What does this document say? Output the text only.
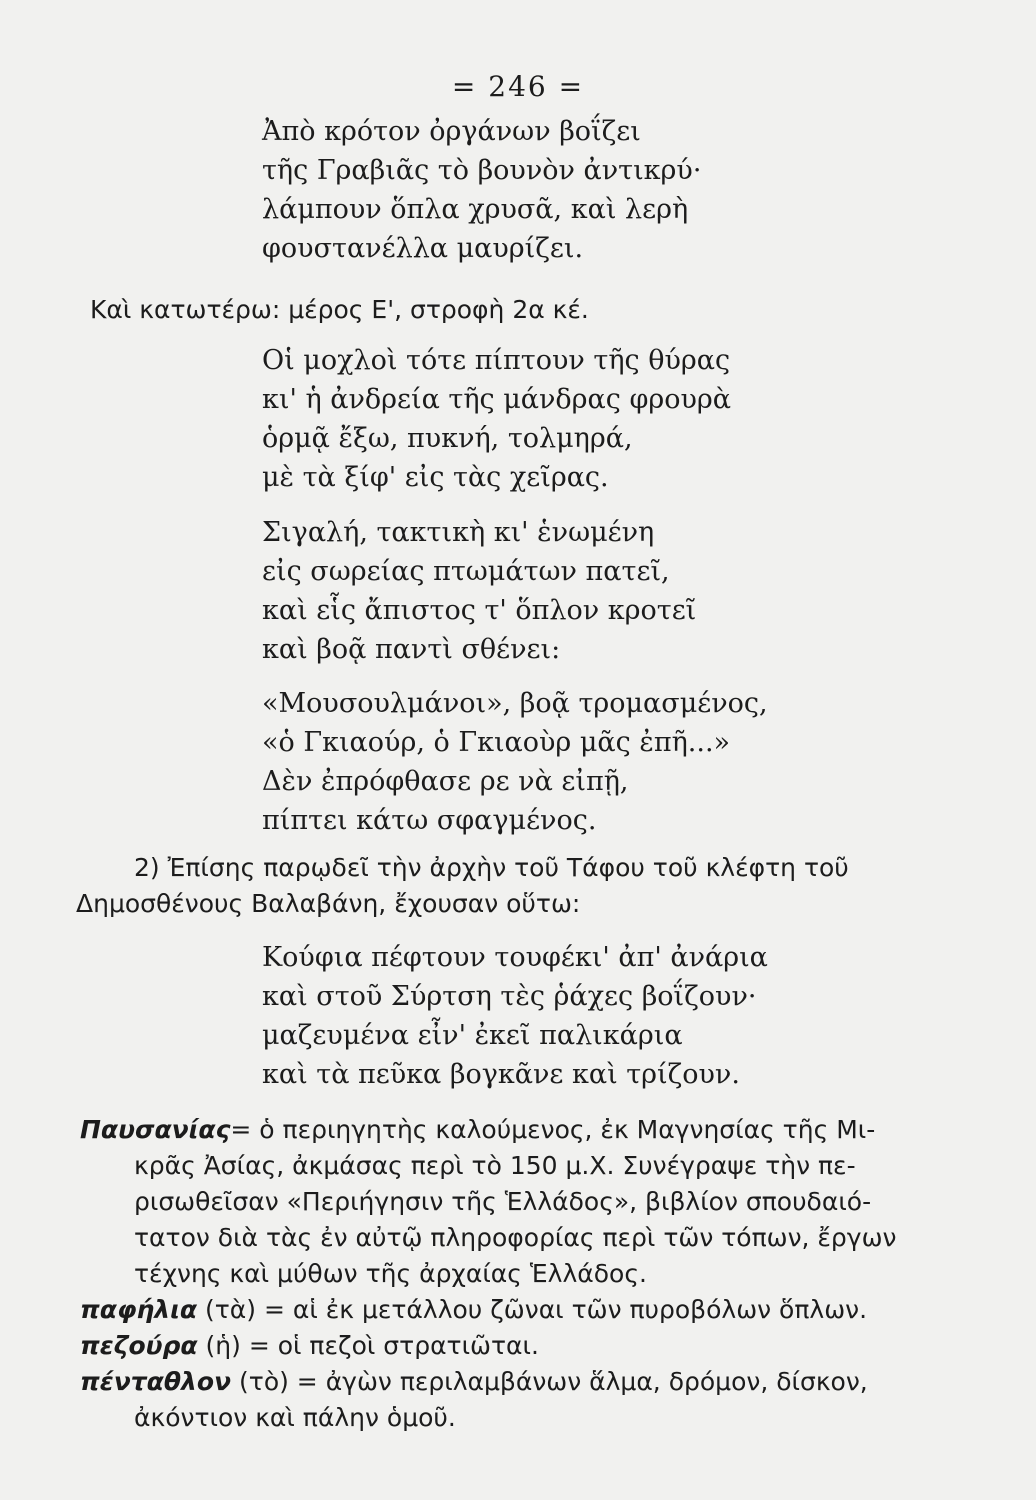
= 246 =
Ἀπὸ κρότον ὀργάνων βοΐζει
τῆς Γραβιᾶς τὸ βουνὸν ἀντικρύ·
λάμπουν ὅπλα χρυσᾶ, καὶ λερὴ
φουστανέλλα μαυρίζει.
Καὶ κατωτέρω: μέρος Ε', στροφὴ 2α κέ.
Οἱ μοχλοὶ τότε πίπτουν τῆς θύρας
κι' ἡ ἀνδρεία τῆς μάνδρας φρουρὰ
ὁρμᾷ ἔξω, πυκνή, τολμηρά,
μὲ τὰ ξίφ' εἰς τὰς χεῖρας.
Σιγαλή, τακτικὴ κι' ἑνωμένη
εἰς σωρείας πτωμάτων πατεῖ,
καὶ εἷς ἄπιστος τ' ὅπλον κροτεῖ
καὶ βοᾷ παντὶ σθένει:
«Μουσουλμάνοι», βοᾷ τρομασμένος,
«ὁ Γκιαούρ, ὁ Γκιαοὺρ μᾶς ἐπῆ...»
Δὲν ἐπρόφθασε ρε νὰ εἰπῇ,
πίπτει κάτω σφαγμένος.
2) Ἐπίσης παρῳδεῖ τὴν ἀρχὴν τοῦ Τάφου τοῦ κλέφτη τοῦ
Δημοσθένους Βαλαβάνη, ἔχουσαν οὕτω:
Κούφια πέφτουν τουφέκι' ἀπ' ἀνάρια
καὶ στοῦ Σύρτση τὲς ῥάχες βοΐζουν·
μαζευμένα εἶν' ἐκεῖ παλικάρια
καὶ τὰ πεῦκα βογκᾶνε καὶ τρίζουν.
Παυσανίας= ὁ περιηγητὴς καλούμενος, ἐκ Μαγνησίας τῆς Μι-
κρᾶς Ἀσίας, ἀκμάσας περὶ τὸ 150 μ.Χ. Συνέγραψε τὴν πε-
ρισωθεῖσαν «Περιήγησιν τῆς Ἑλλάδος», βιβλίον σπουδαιό-
τατον διὰ τὰς ἐν αὐτῷ πληροφορίας περὶ τῶν τόπων, ἔργων
τέχνης καὶ μύθων τῆς ἀρχαίας Ἑλλάδος.
παφήλια (τὰ) = αἱ ἐκ μετάλλου ζῶναι τῶν πυροβόλων ὅπλων.
πεζούρα (ἡ) = οἱ πεζοὶ στρατιῶται.
πένταθλον (τὸ) = ἀγὼν περιλαμβάνων ἅλμα, δρόμον, δίσκον,
ἀκόντιον καὶ πάλην ὁμοῦ.
